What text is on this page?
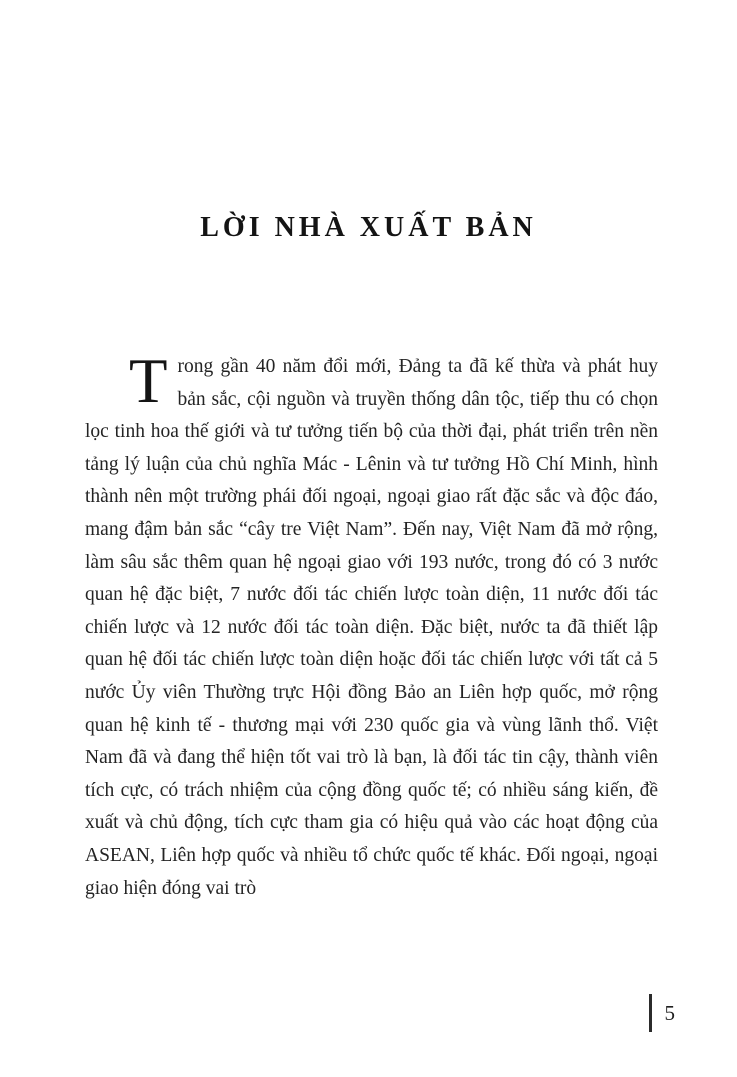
LỜI NHÀ XUẤT BẢN

Trong gần 40 năm đổi mới, Đảng ta đã kế thừa và phát huy bản sắc, cội nguồn và truyền thống dân tộc, tiếp thu có chọn lọc tinh hoa thế giới và tư tưởng tiến bộ của thời đại, phát triển trên nền tảng lý luận của chủ nghĩa Mác - Lênin và tư tưởng Hồ Chí Minh, hình thành nên một trường phái đối ngoại, ngoại giao rất đặc sắc và độc đáo, mang đậm bản sắc “cây tre Việt Nam”. Đến nay, Việt Nam đã mở rộng, làm sâu sắc thêm quan hệ ngoại giao với 193 nước, trong đó có 3 nước quan hệ đặc biệt, 7 nước đối tác chiến lược toàn diện, 11 nước đối tác chiến lược và 12 nước đối tác toàn diện. Đặc biệt, nước ta đã thiết lập quan hệ đối tác chiến lược toàn diện hoặc đối tác chiến lược với tất cả 5 nước Ủy viên Thường trực Hội đồng Bảo an Liên hợp quốc, mở rộng quan hệ kinh tế - thương mại với 230 quốc gia và vùng lãnh thổ. Việt Nam đã và đang thể hiện tốt vai trò là bạn, là đối tác tin cậy, thành viên tích cực, có trách nhiệm của cộng đồng quốc tế; có nhiều sáng kiến, đề xuất và chủ động, tích cực tham gia có hiệu quả vào các hoạt động của ASEAN, Liên hợp quốc và nhiều tổ chức quốc tế khác. Đối ngoại, ngoại giao hiện đóng vai trò

5
